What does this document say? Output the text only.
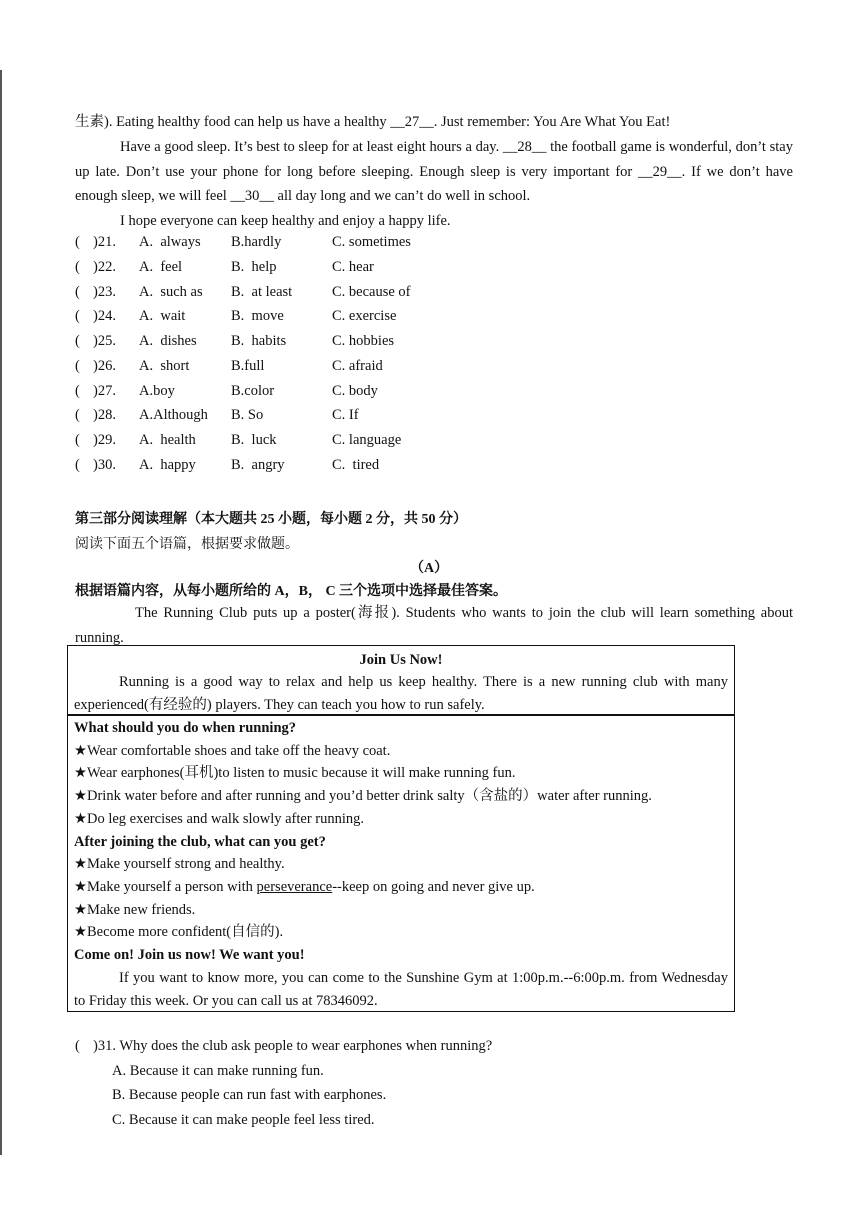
生素). Eating healthy food can help us have a healthy __27__. Just remember: You Are What You Eat!
Have a good sleep. It’s best to sleep for at least eight hours a day. __28__ the football game is wonderful, don’t stay up late. Don’t use your phone for long before sleeping. Enough sleep is very important for __29__. If we don’t have enough sleep, we will feel __30__ all day long and we can’t do well in school.
I hope everyone can keep healthy and enjoy a happy life.
( )21. A.  always B.hardly	C. sometimes
( )22. A.  feel	B.  help	C. hear
( )23. A.  such as B.  at least	C. because of
( )24. A.  wait	B.  move	C. exercise
( )25. A.  dishes B.  habits	C. hobbies
( )26. A.  short	B.full	C. afraid
( )27. A.boy	B.color	C. body
( )28. A.Although B. So	C. If
( )29. A.  health B.  luck	C. language
( )30. A.  happy B.  angry	C.  tired
第三部分阅读理解（本大题共 25 小题，每小题 2 分，共 50 分）
阅读下面五个语篇，根据要求做题。
（A）
根据语篇内容，从每小题所给的 A，B， C 三个选项中选择最佳答案。
The Running Club puts up a poster(海报). Students who wants to join the club will learn something about running.
Join Us Now!
Running is a good way to relax and help us keep healthy. There is a new running club with many experienced(有经验的) players. They can teach you how to run safely.
What should you do when running?
★Wear comfortable shoes and take off the heavy coat.
★Wear earphones(耳机)to listen to music because it will make running fun.
★Drink water before and after running and you’d better drink salty（含盐的）water after running.
★Do leg exercises and walk slowly after running.
After joining the club, what can you get?
★Make yourself strong and healthy.
★Make yourself a person with perseverance--keep on going and never give up.
★Make new friends.
★Become more confident(自信的).
Come on! Join us now! We want you!
If you want to know more, you can come to the Sunshine Gym at 1:00p.m.--6:00p.m. from Wednesday to Friday this week. Or you can call us at 78346092.
( )31. Why does the club ask people to wear earphones when running?
A. Because it can make running fun.
B. Because people can run fast with earphones.
C. Because it can make people feel less tired.
